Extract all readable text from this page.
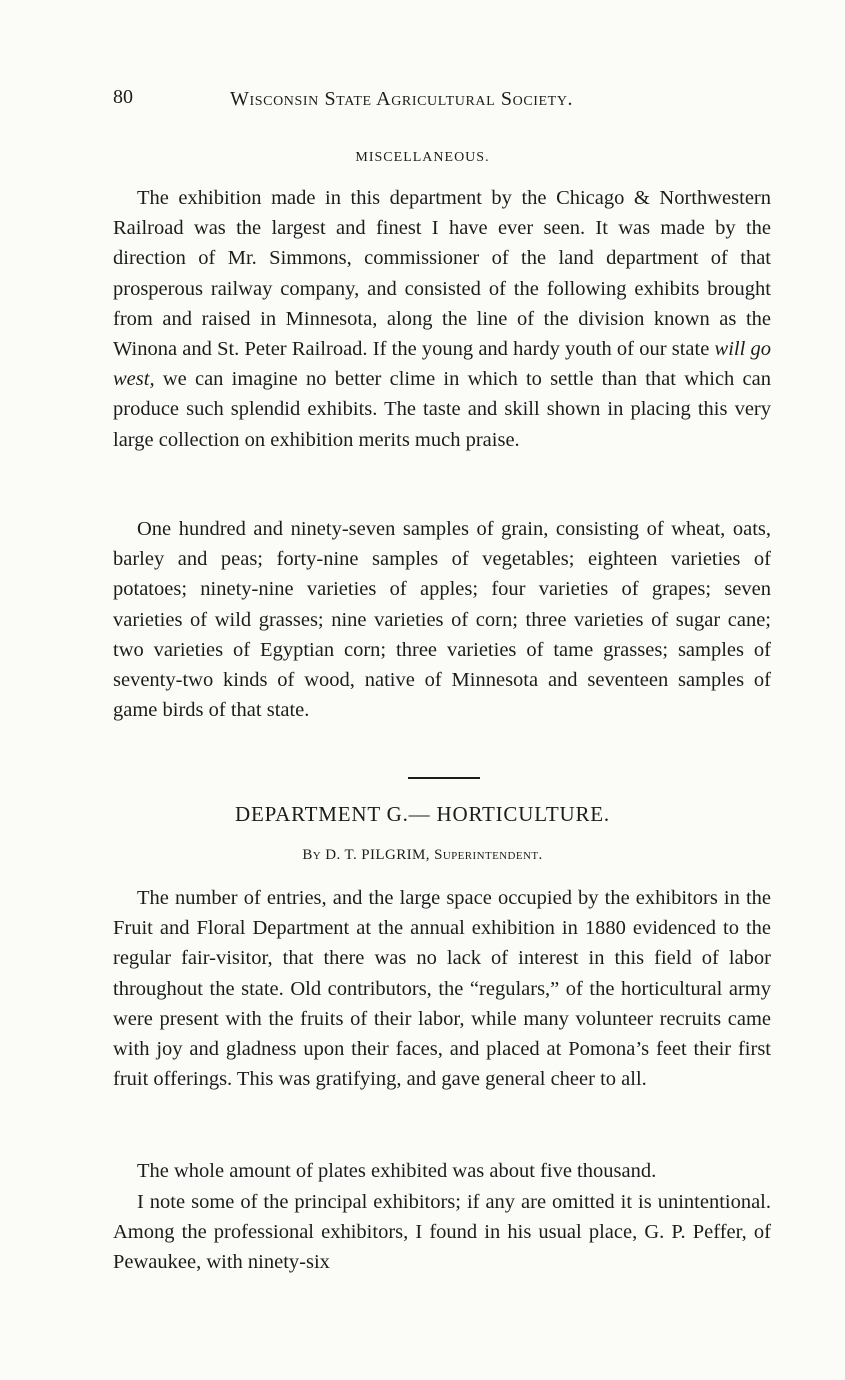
80	Wisconsin State Agricultural Society.
MISCELLANEOUS.

The exhibition made in this department by the Chicago & Northwestern Railroad was the largest and finest I have ever seen. It was made by the direction of Mr. Simmons, commissioner of the land department of that prosperous railway company, and consisted of the following exhibits brought from and raised in Minnesota, along the line of the division known as the Winona and St. Peter Railroad. If the young and hardy youth of our state will go west, we can imagine no better clime in which to settle than that which can produce such splendid exhibits. The taste and skill shown in placing this very large collection on exhibition merits much praise.

One hundred and ninety-seven samples of grain, consisting of wheat, oats, barley and peas; forty-nine samples of vegetables; eighteen varieties of potatoes; ninety-nine varieties of apples; four varieties of grapes; seven varieties of wild grasses; nine varieties of corn; three varieties of sugar cane; two varieties of Egyptian corn; three varieties of tame grasses; samples of seventy-two kinds of wood, native of Minnesota and seventeen samples of game birds of that state.

DEPARTMENT G.— HORTICULTURE.
By D. T. PILGRIM, Superintendent.

The number of entries, and the large space occupied by the exhibitors in the Fruit and Floral Department at the annual exhibition in 1880 evidenced to the regular fair-visitor, that there was no lack of interest in this field of labor throughout the state. Old contributors, the “regulars,” of the horticultural army were present with the fruits of their labor, while many volunteer recruits came with joy and gladness upon their faces, and placed at Pomona’s feet their first fruit offerings. This was gratifying, and gave general cheer to all.

The whole amount of plates exhibited was about five thousand.

I note some of the principal exhibitors; if any are omitted it is unintentional. Among the professional exhibitors, I found in his usual place, G. P. Peffer, of Pewaukee, with ninety-six
